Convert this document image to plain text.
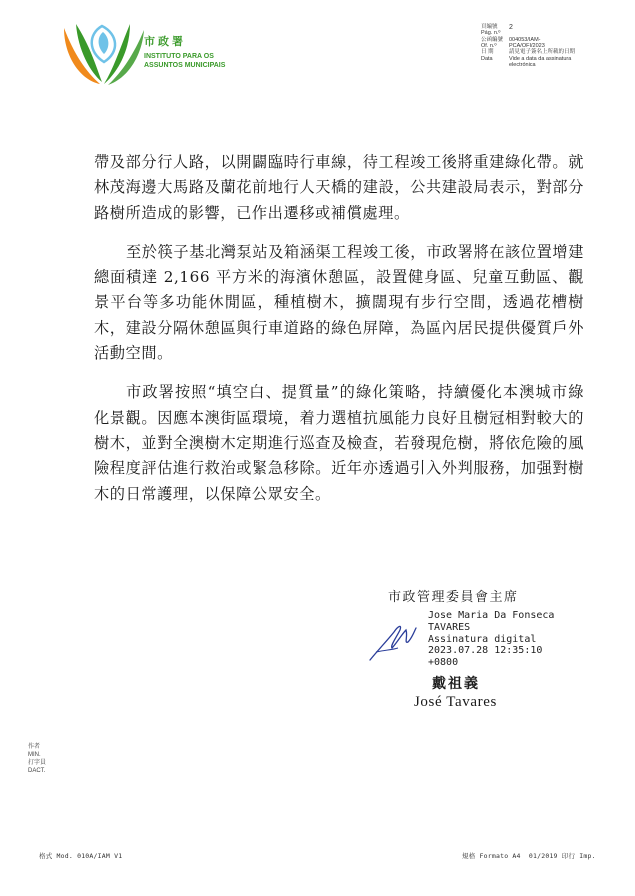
市政署
INSTITUTO PARA OS
ASSUNTOS MUNICIPAIS
頁編號
Pág. n.º
2
公函編號
Of. n.º
004053/IAM-
PCA/OFI/2023
日 期
Data
請見電子簽名上所載的日期
Vide a data da assinatura
electrónica

帶及部分行人路，以開闢臨時行車線，待工程竣工後將重建綠化帶。就林茂海邊大馬路及蘭花前地行人天橋的建設，公共建設局表示，對部分路樹所造成的影響，已作出遷移或補償處理。

至於筷子基北灣泵站及箱涵渠工程竣工後，市政署將在該位置增建總面積達 2,166 平方米的海濱休憩區，設置健身區、兒童互動區、觀景平台等多功能休閒區，種植樹木，擴闊現有步行空間，透過花槽樹木，建設分隔休憩區與行車道路的綠色屏障，為區內居民提供優質戶外活動空間。

市政署按照“填空白、提質量”的綠化策略，持續優化本澳城市綠化景觀。因應本澳街區環境，着力選植抗風能力良好且樹冠相對較大的樹木，並對全澳樹木定期進行巡查及檢查，若發現危樹，將依危險的風險程度評估進行救治或緊急移除。近年亦透過引入外判服務，加强對樹木的日常護理，以保障公眾安全。

市政管理委員會主席
Jose Maria Da Fonseca
TAVARES
Assinatura digital
2023.07.28 12:35:10
+0800
戴祖義
José Tavares
作者
MIN.
打字員
DACT.
格式 Mod. 010A/IAM V1	規格 Formato A4  01/2019 印行 Imp.
